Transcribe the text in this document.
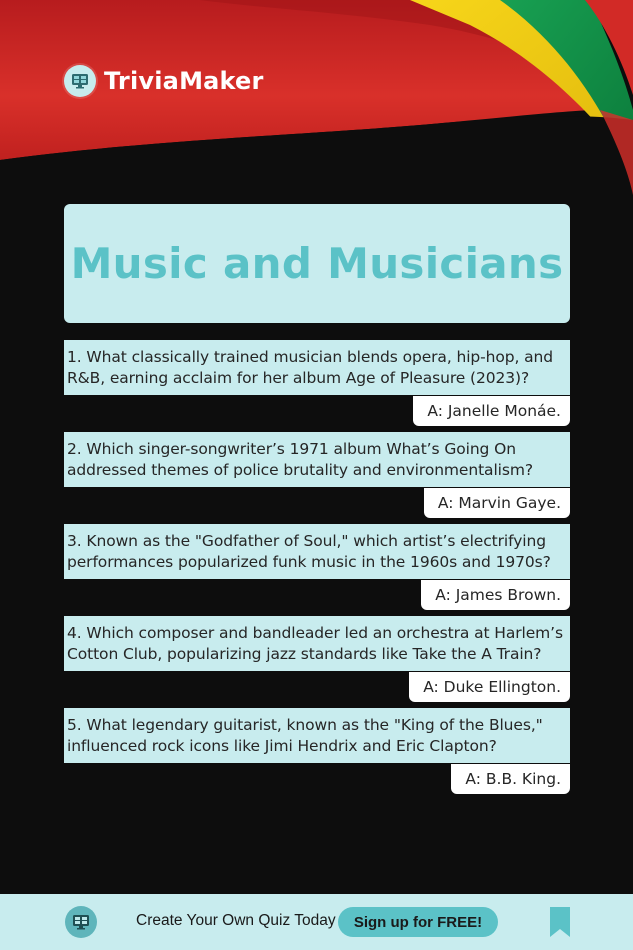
TriviaMaker
Music and Musicians
1. What classically trained musician blends opera, hip-hop, and R&B, earning acclaim for her album Age of Pleasure (2023)?
A: Janelle Monáe.
2. Which singer-songwriter’s 1971 album What’s Going On addressed themes of police brutality and environmentalism?
A: Marvin Gaye.
3. Known as the "Godfather of Soul," which artist’s electrifying performances popularized funk music in the 1960s and 1970s?
A: James Brown.
4. Which composer and bandleader led an orchestra at Harlem’s Cotton Club, popularizing jazz standards like Take the A Train?
A: Duke Ellington.
5. What legendary guitarist, known as the "King of the Blues," influenced rock icons like Jimi Hendrix and Eric Clapton?
A: B.B. King.
Create Your Own Quiz Today	Sign up for FREE!
